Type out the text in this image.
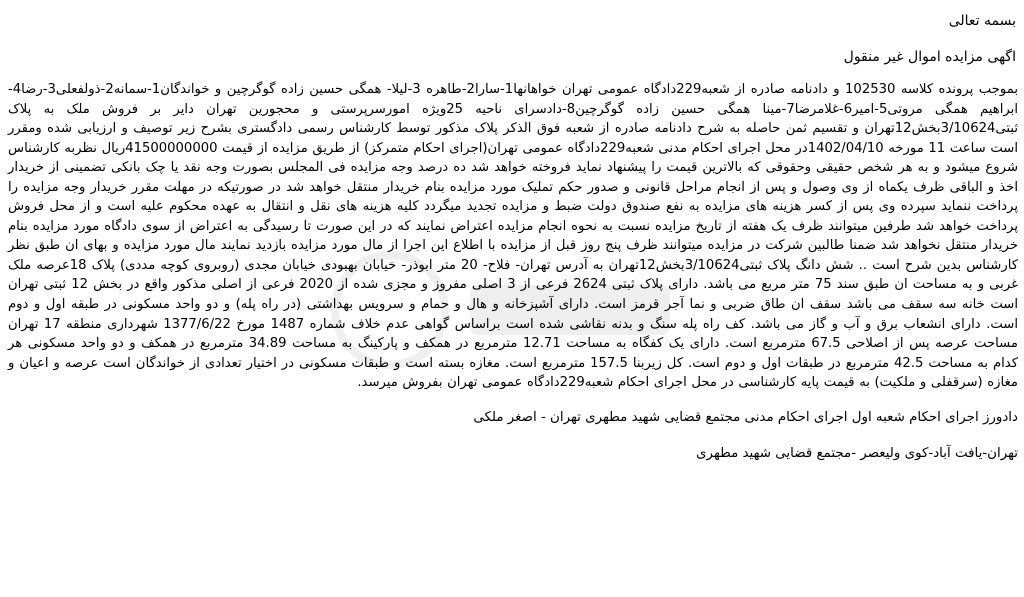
بسمه تعالی

اگهی مزایده اموال غیر منقول

بموجب پرونده کلاسه 102530 و دادنامه صادره از شعبه229دادگاه عمومی تهران خواهانها1-سارا2-طاهره 3-لیلا- همگی حسین زاده گوگرچین و خواندگان1-سمانه2-ذولفعلی3-رضا4-ابراهیم همگی مروتی5-امیر6-غلامرضا7-مینا همگی حسین زاده گوگرچین8-دادسرای ناحیه 25ویژه امورسرپرستی و محجورین تهران دایر بر فروش ملک به پلاک ثبتی3/10624بخش12تهران و تقسیم ثمن حاصله به شرح دادنامه صادره از شعبه فوق الذکر پلاک مذکور توسط کارشناس رسمی دادگستری بشرح زیر توصیف و ارزیابی شده ومقرر است ساعت 11 مورخه 1402/04/10در محل اجرای احکام مدنی شعبه229دادگاه عمومی تهران(اجرای احکام متمرکز) از طریق مزایده از قیمت 41500000000ریال نظربه کارشناس شروع میشود و به هر شخص حقیقی وحقوقی که بالاترین قیمت را پیشنهاد نماید فروخته خواهد شد ده درصد وجه مزایده فی المجلس بصورت وجه نقد یا چک بانکی تضمینی از خریدار اخذ و الباقی ظرف یکماه از وی وصول و پس از انجام مراحل قانونی و صدور حکم تملیک مورد مزایده بنام خریدار منتقل خواهد شد در صورتیکه در مهلت مقرر خریدار وجه مزایده را پرداخت ننماید سپرده وی پس از کسر هزینه های مزایده به نفع صندوق دولت ضبط و مزایده تجدید میگردد کلیه هزینه های نقل و انتقال به عهده محکوم علیه است و از محل فروش پرداخت خواهد شد طرفین میتوانند ظرف یک هفته از تاریخ مزایده نسبت به نحوه انجام مزایده اعتراض نمایند که در این صورت تا رسیدگی به اعتراض از سوی دادگاه مورد مزایده بنام خریدار منتقل نخواهد شد ضمنا طالبین شرکت در مزایده میتوانند ظرف پنج روز قبل از مزایده با اطلاع این اجرا از مال مورد مزایده بازدید نمایند مال مورد مزایده و بهای ان طبق نظر کارشناس بدین شرح است .. شش دانگ پلاک ثبتی3/10624بخش12تهران به آدرس تهران- فلاح- 20 متر ابوذر- خیابان بهبودی خیابان مجدی (روبروی کوچه مددی) پلاک 18عرصه ملک غربی و به مساحت ان طبق سند 75 متر مربع می باشد. دارای پلاک ثبتی 2624 فرعی از 3 اصلی مفروز و مجزی شده از 2020 فرعی از اصلی مذکور واقع در بخش 12 ثبتی تهران است خانه سه سقف می باشد سقف ان طاق ضربی و نما آجر قرمز است. دارای آشپزخانه و هال و حمام و سرویس بهداشتی (در راه پله) و دو واحد مسکونی در طبقه اول و دوم است. دارای انشعاب برق و آب و گاز می باشد. کف راه پله سنگ و بدنه نقاشی شده است براساس گواهی عدم خلاف شماره 1487 مورخ 1377/6/22 شهرداری منطقه 17 تهران مساحت عرصه پس از اصلاحی 67.5 مترمربع است. دارای یک کفگاه به مساحت 12.71 مترمربع در همکف و پارکینگ به مساحت 34.89 مترمربع در همکف و دو واحد مسکونی هر کدام به مساحت 42.5 مترمربع در طبقات اول و دوم است. کل زیربنا 157.5 مترمربع است. مغازه بسته است و طبقات مسکونی در اختیار تعدادی از خواندگان است عرصه و اعیان و مغازه (سرقفلی و ملکیت) به قیمت پایه کارشناسی در محل اجرای احکام شعبه229دادگاه عمومی تهران بفروش میرسد.

دادورز اجرای احکام شعبه اول اجرای احکام مدنی مجتمع قضایی شهید مطهری تهران - اصغر ملکی

تهران-یافت آباد-کوی ولیعصر -مجتمع قضایی شهید مطهری
